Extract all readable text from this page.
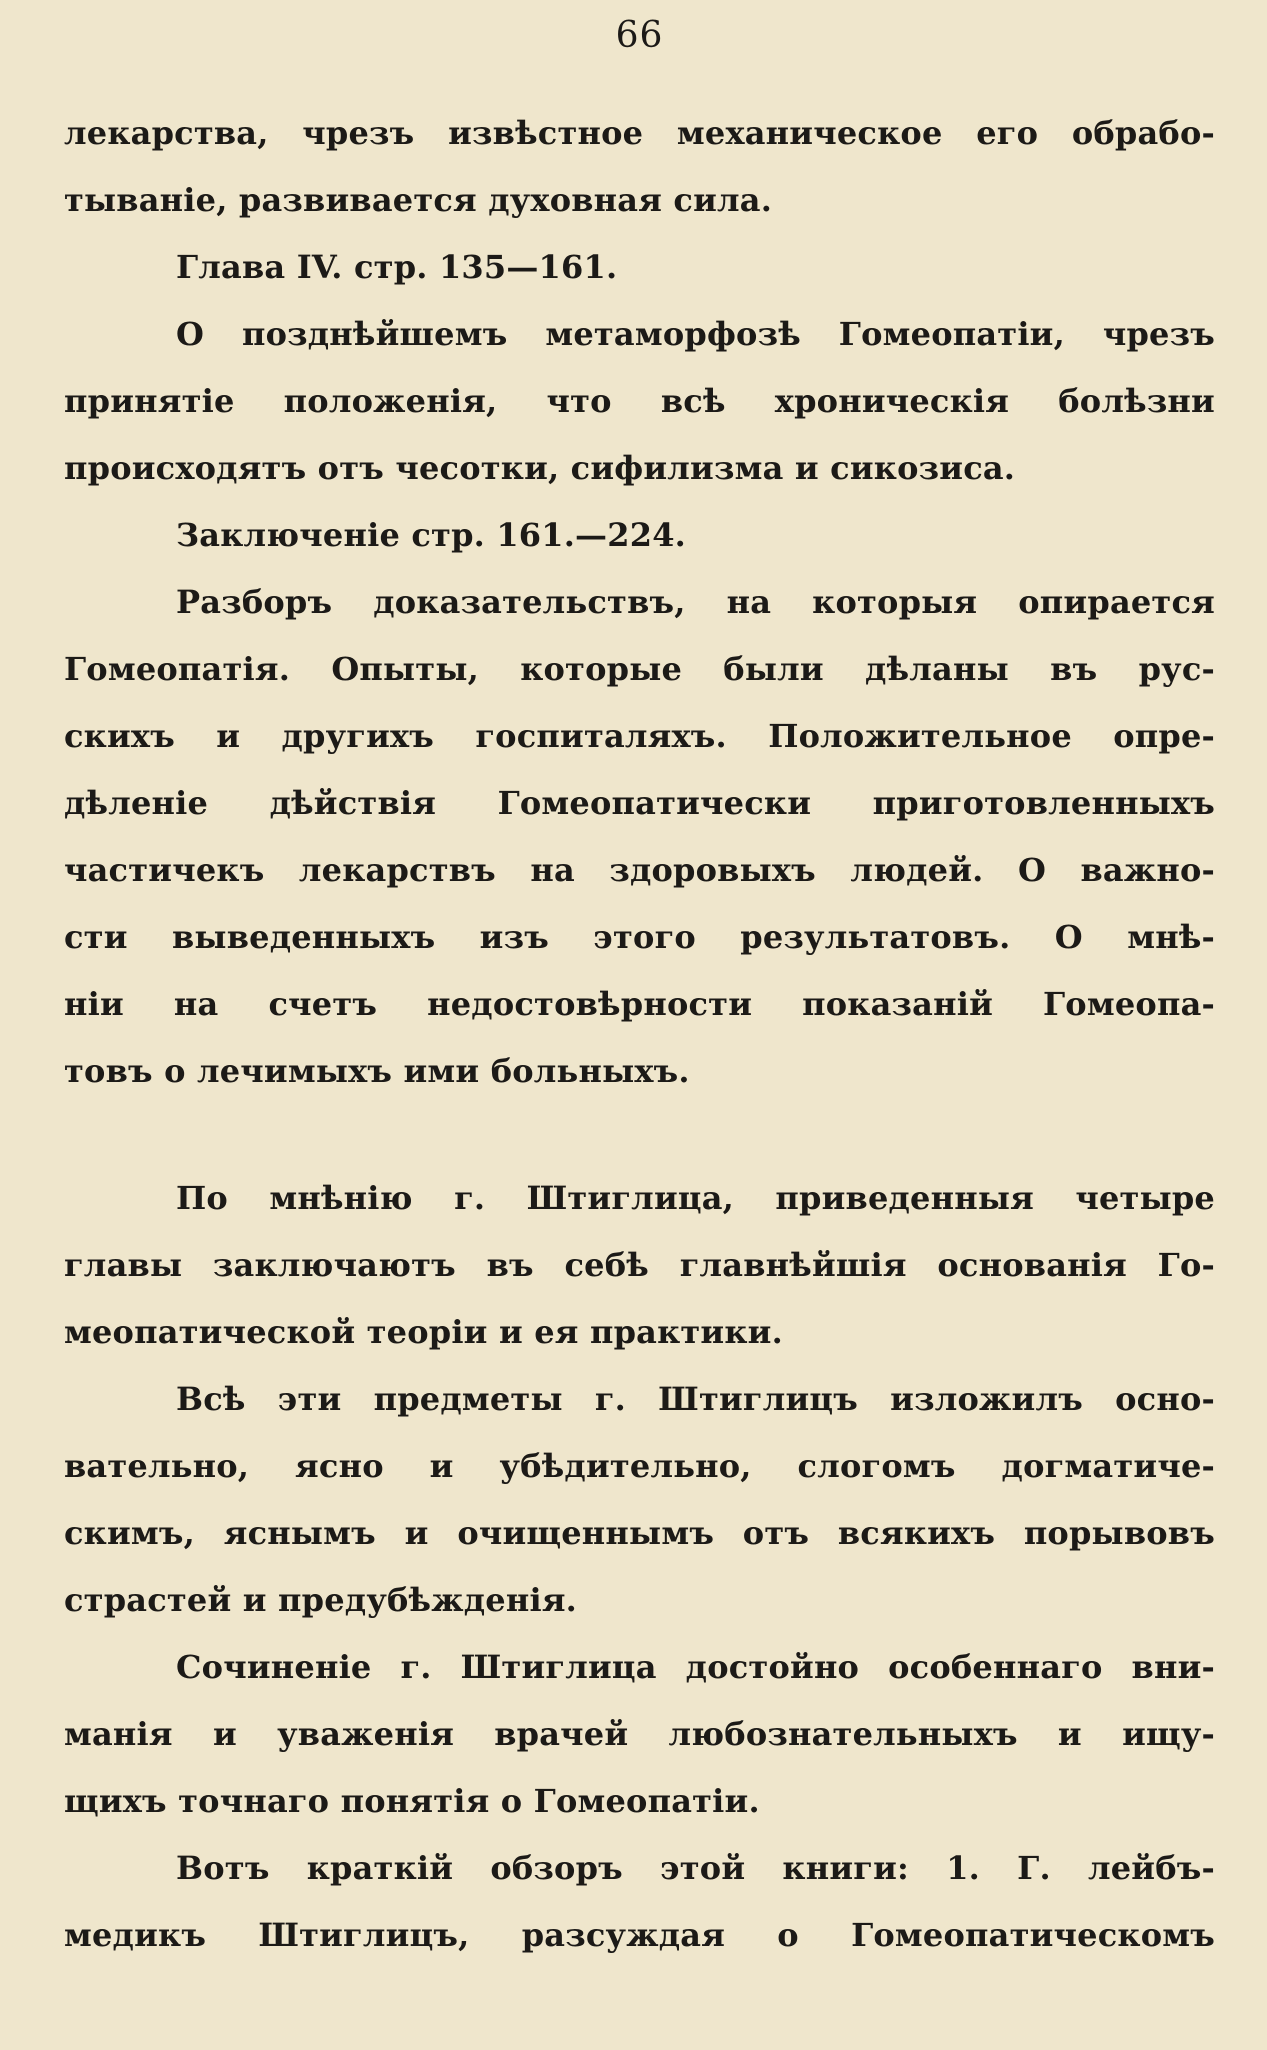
66

лекарства, чрезъ извѣстное механическое его обрабо-

тываніе, развивается духовная сила.

Глава IV. стр. 135—161.

О позднѣйшемъ метаморфозѣ Гомеопатіи, чрезъ

принятіе положенія, что всѣ хроническія болѣзни

происходятъ отъ чесотки, сифилизма и сикозиса.

Заключеніе стр. 161.—224.

Разборъ доказательствъ, на которыя опирается

Гомеопатія. Опыты, которые были дѣланы въ рус-

скихъ и другихъ госпиталяхъ. Положительное опре-

дѣленіе дѣйствія Гомеопатически приготовленныхъ

частичекъ лекарствъ на здоровыхъ людей. О важно-

сти выведенныхъ изъ этого результатовъ. О мнѣ-

ніи на счетъ недостовѣрности показаній Гомеопа-

товъ о лечимыхъ ими больныхъ.

По мнѣнію г. Штиглица, приведенныя четыре

главы заключаютъ въ себѣ главнѣйшія основанія Го-

меопатической теоріи и ея практики.

Всѣ эти предметы г. Штиглицъ изложилъ осно-

вательно, ясно и убѣдительно, слогомъ догматиче-

скимъ, яснымъ и очищеннымъ отъ всякихъ порывовъ

страстей и предубѣжденія.

Сочиненіе г. Штиглица достойно особеннаго вни-

манія и уваженія врачей любознательныхъ и ищу-

щихъ точнаго понятія о Гомеопатіи.

Вотъ краткій обзоръ этой книги: 1. Г. лейбъ-

медикъ Штиглицъ, разсуждая о Гомеопатическомъ
